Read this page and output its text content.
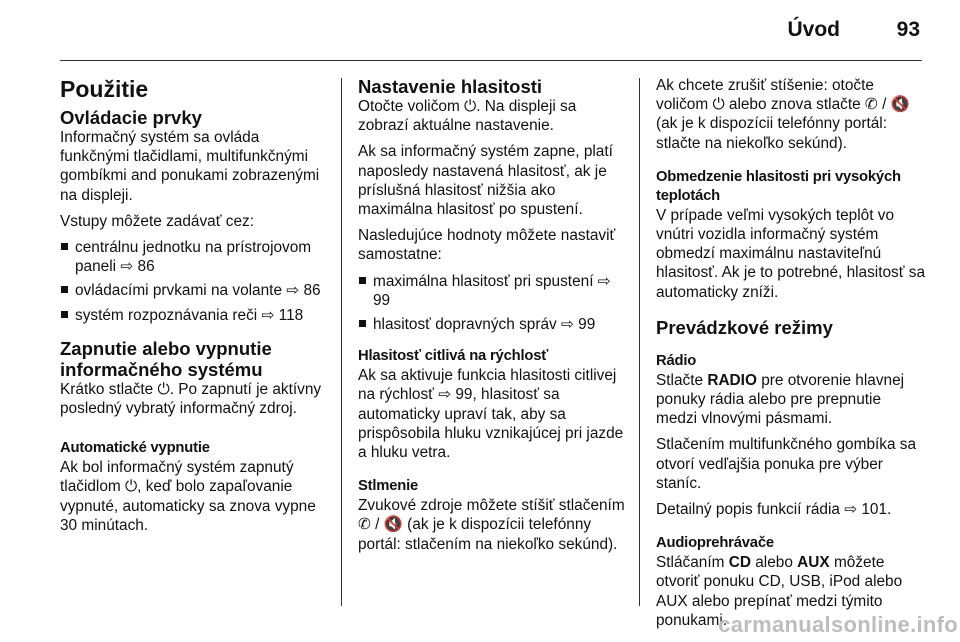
Úvod	93
Použitie
Ovládacie prvky

Informačný systém sa ovláda funkčnými tlačidlami, multifunkčnými gombíkmi and ponukami zobrazenými na displeji.

Vstupy môžete zadávať cez:

centrálnu jednotku na prístrojovom paneli ⇨ 86
ovládacími prvkami na volante ⇨ 86
systém rozpoznávania reči ⇨ 118
Zapnutie alebo vypnutie informačného systému

Krátko stlačte ⏻. Po zapnutí je aktívny posledný vybratý informačný zdroj.

Automatické vypnutie

Ak bol informačný systém zapnutý tlačidlom ⏻, keď bolo zapaľovanie vypnuté, automaticky sa znova vypne 30 minútach.

Nastavenie hlasitosti

Otočte voličom ⏻. Na displeji sa zobrazí aktuálne nastavenie.

Ak sa informačný systém zapne, platí naposledy nastavená hlasitosť, ak je príslušná hlasitosť nižšia ako maximálna hlasitosť po spustení.

Nasledujúce hodnoty môžete nastaviť samostatne:

maximálna hlasitosť pri spustení ⇨ 99
hlasitosť dopravných správ ⇨ 99
Hlasitosť citlivá na rýchlosť

Ak sa aktivuje funkcia hlasitosti citlivej na rýchlosť ⇨ 99, hlasitosť sa automaticky upraví tak, aby sa prispôsobila hluku vznikajúcej pri jazde a hluku vetra.

Stlmenie

Zvukové zdroje môžete stíšiť stlačením ✆ / 🔇 (ak je k dispozícii telefónny portál: stlačením na niekoľko sekúnd).

Ak chcete zrušiť stíšenie: otočte voličom ⏻ alebo znova stlačte ✆ / 🔇 (ak je k dispozícii telefónny portál: stlačte na niekoľko sekúnd).

Obmedzenie hlasitosti pri vysokých teplotách

V prípade veľmi vysokých teplôt vo vnútri vozidla informačný systém obmedzí maximálnu nastaviteľnú hlasitosť. Ak je to potrebné, hlasitosť sa automaticky zníži.

Prevádzkové režimy
Rádio

Stlačte RADIO pre otvorenie hlavnej ponuky rádia alebo pre prepnutie medzi vlnovými pásmami.

Stlačením multifunkčného gombíka sa otvorí vedľajšia ponuka pre výber staníc.

Detailný popis funkcií rádia ⇨ 101.

Audioprehrávače

Stláčaním CD alebo AUX môžete otvoriť ponuku CD, USB, iPod alebo AUX alebo prepínať medzi týmito ponukami.

carmanualsonline.info
